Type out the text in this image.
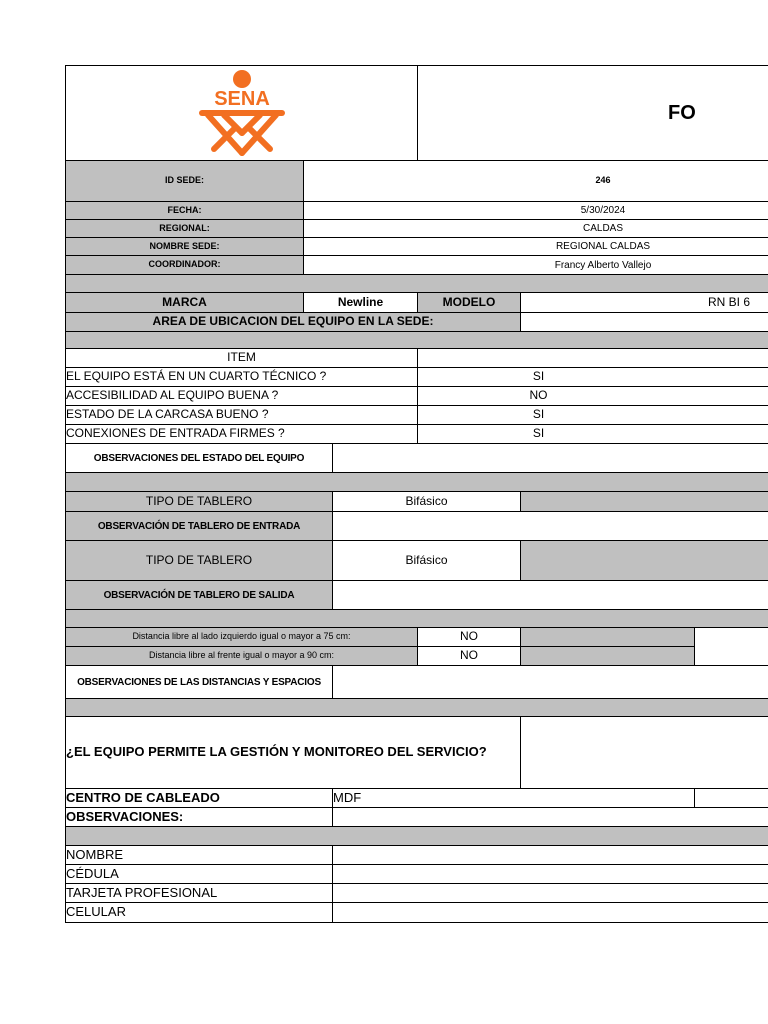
SENA
FO
ID SEDE:	246
FECHA:	5/30/2024
REGIONAL:	CALDAS
NOMBRE SEDE:	REGIONAL CALDAS
COORDINADOR:	Francy Alberto Vallejo
MARCA	Newline	MODELO	RN BI 6
AREA DE UBICACION DEL EQUIPO EN LA SEDE:
ITEM
EL EQUIPO ESTÁ EN UN CUARTO TÉCNICO ?	SI
ACCESIBILIDAD AL EQUIPO BUENA ?	NO
ESTADO DE LA CARCASA BUENO ?	SI
CONEXIONES DE ENTRADA FIRMES ?	SI
OBSERVACIONES DEL ESTADO DEL EQUIPO
TIPO DE TABLERO	Bifásico
OBSERVACIÓN DE TABLERO DE ENTRADA
TIPO DE TABLERO	Bifásico
OBSERVACIÓN DE TABLERO DE SALIDA
Distancia libre al lado izquierdo igual o mayor a 75 cm:	NO
Distancia libre al frente igual o mayor a 90 cm:	NO
OBSERVACIONES DE LAS DISTANCIAS Y ESPACIOS
¿EL EQUIPO PERMITE LA GESTIÓN Y MONITOREO DEL SERVICIO?
CENTRO DE CABLEADO	MDF
OBSERVACIONES:
NOMBRE
CÉDULA
TARJETA PROFESIONAL
CELULAR
